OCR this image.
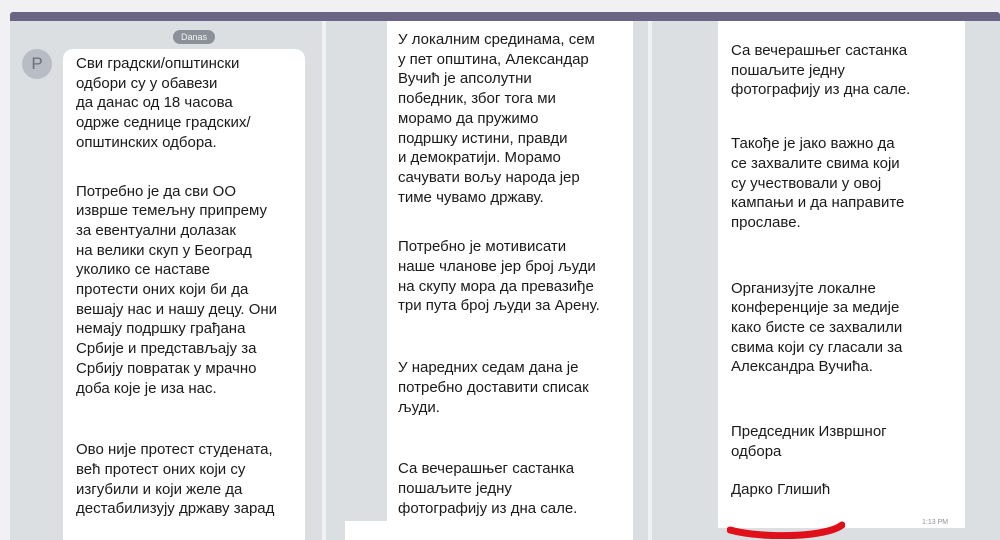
Danas
P	Сви градски/општински
одбори су у обавези
да данас од 18 часова
одрже седнице градских/
општинских одбора.

Потребно је да сви ОО
изврше темељну припрему
за евентуални долазак
на велики скуп у Београд
уколико се наставе
протести оних који би да
вешају нас и нашу децу. Они
немају подршку грађана
Србије и представљају за
Србију повратак у мрачно
доба које је иза нас.

Ово није протест студената,
већ протест оних који су
изгубили и који желе да
дестабилизују државу зарад

У локалним срединама, сем
у пет општина, Александар
Вучић је апсолутни
победник, због тога ми
морамо да пружимо
подршку истини, правди
и демократији. Морамо
сачувати вољу народа јер
тиме чувамо државу.

Потребно је мотивисати
наше чланове јер број људи
на скупу мора да превазиђе
три пута број људи за Арену.

У наредних седам дана је
потребно доставити списак
људи.

Са вечерашњег састанка
пошаљите једну
фотографију из дна сале.

Са вечерашњег састанка
пошаљите једну
фотографију из дна сале.

Такође је јако важно да
се захвалите свима који
су учествовали у овој
кампањи и да направите
прославе.

Организујте локалне
конференције за медије
како бисте се захвалили
свима који су гласали за
Александра Вучића.

Председник Извршног
одбора

Дарко Глишић

1:13 PM
